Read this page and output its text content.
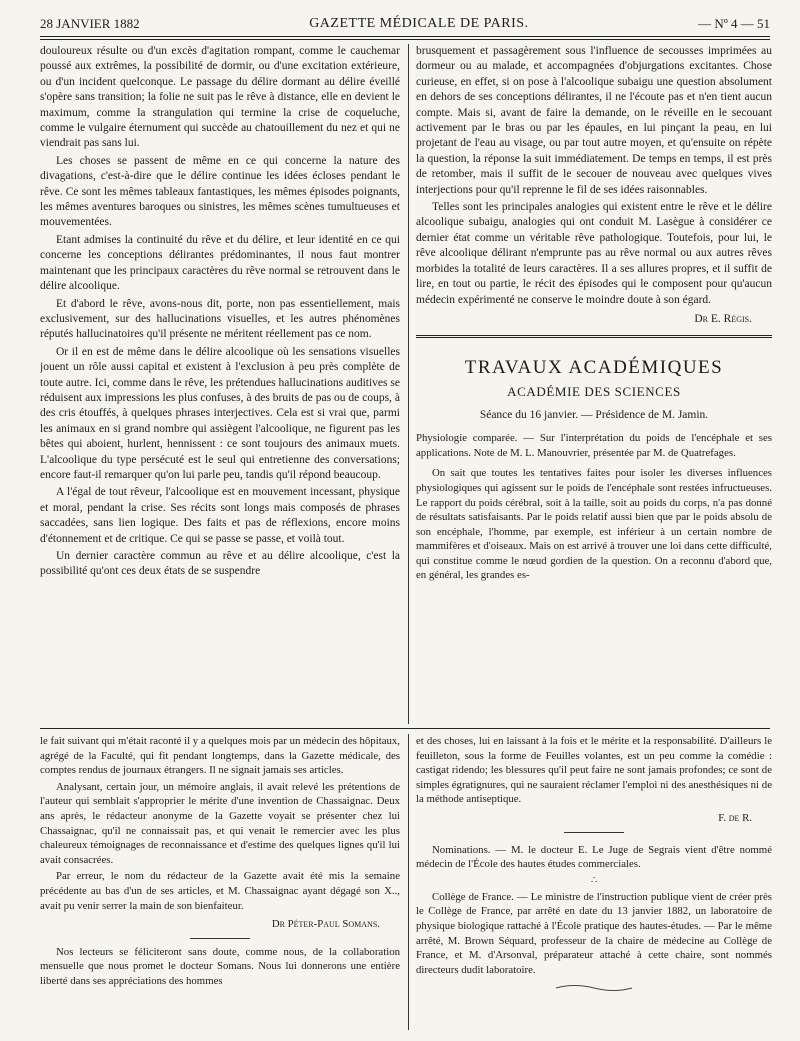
28 JANVIER 1882	GAZETTE MÉDICALE DE PARIS.	— Nº 4 — 51

douloureux résulte ou d'un excès d'agitation rompant, comme le cauchemar poussé aux extrêmes, la possibilité de dormir, ou d'une excitation extérieure, ou d'un incident quelconque. Le passage du délire dormant au délire éveillé s'opère sans transition; la folie ne suit pas le rêve à distance, elle en devient le maximum, comme la strangulation qui termine la crise de coqueluche, comme le vulgaire éternument qui succède au chatouillement du nez et qui ne viendrait pas sans lui.

Les choses se passent de même en ce qui concerne la nature des divagations, c'est-à-dire que le délire continue les idées écloses pendant le rêve. Ce sont les mêmes tableaux fantastiques, les mêmes épisodes poignants, les mêmes aventures baroques ou sinistres, les mêmes scènes tumultueuses et mouvementées.

Etant admises la continuité du rêve et du délire, et leur identité en ce qui concerne les conceptions délirantes prédominantes, il nous faut montrer maintenant que les principaux caractères du rêve normal se retrouvent dans le délire alcoolique.

Et d'abord le rêve, avons-nous dit, porte, non pas essentiellement, mais exclusivement, sur des hallucinations visuelles, et les autres phénomènes réputés hallucinatoires qu'il présente ne méritent réellement pas ce nom.

Or il en est de même dans le délire alcoolique où les sensations visuelles jouent un rôle aussi capital et existent à l'exclusion à peu près complète de toute autre. Ici, comme dans le rêve, les prétendues hallucinations auditives se réduisent aux impressions les plus confuses, à des bruits de pas ou de coups, à des cris étouffés, à quelques phrases interjectives. Cela est si vrai que, parmi les animaux en si grand nombre qui assiègent l'alcoolique, ne figurent pas les bêtes qui aboient, hurlent, hennissent : ce sont toujours des animaux muets. L'alcoolique du type persécuté est le seul qui entretienne des conversations; encore faut-il remarquer qu'on lui parle peu, tandis qu'il répond beaucoup.

A l'égal de tout rêveur, l'alcoolique est en mouvement incessant, physique et moral, pendant la crise. Ses récits sont longs mais composés de phrases saccadées, sans lien logique. Des faits et pas de réflexions, encore moins d'étonnement et de critique. Ce qui se passe se passe, et voilà tout.

Un dernier caractère commun au rêve et au délire alcoolique, c'est la possibilité qu'ont ces deux états de se suspendre

brusquement et passagèrement sous l'influence de secousses imprimées au dormeur ou au malade, et accompagnées d'objurgations excitantes. Chose curieuse, en effet, si on pose à l'alcoolique subaigu une question absolument en dehors de ses conceptions délirantes, il ne l'écoute pas et n'en tient aucun compte. Mais si, avant de faire la demande, on le réveille en le secouant activement par le bras ou par les épaules, en lui pinçant la peau, en lui projetant de l'eau au visage, ou par tout autre moyen, et qu'ensuite on répète la question, la réponse la suit immédiatement. De temps en temps, il est près de retomber, mais il suffit de le secouer de nouveau avec quelques vives interjections pour qu'il reprenne le fil de ses idées raisonnables.

Telles sont les principales analogies qui existent entre le rêve et le délire alcoolique subaigu, analogies qui ont conduit M. Lasègue à considérer ce dernier état comme un véritable rêve pathologique. Toutefois, pour lui, le rêve alcoolique délirant n'emprunte pas au rêve normal ou aux autres rêves morbides la totalité de leurs caractères. Il a ses allures propres, et il suffit de lire, en tout ou partie, le récit des épisodes qui le composent pour qu'aucun médecin expérimenté ne conserve le moindre doute à son égard.

Dr E. Régis.
TRAVAUX ACADÉMIQUES
ACADÉMIE DES SCIENCES
Séance du 16 janvier. — Présidence de M. Jamin.

Physiologie comparée. — Sur l'interprétation du poids de l'encéphale et ses applications. Note de M. L. Manouvrier, présentée par M. de Quatrefages.

On sait que toutes les tentatives faites pour isoler les diverses influences physiologiques qui agissent sur le poids de l'encéphale sont restées infructueuses. Le rapport du poids cérébral, soit à la taille, soit au poids du corps, n'a pas donné de résultats satisfaisants. Par le poids relatif aussi bien que par le poids absolu de son encéphale, l'homme, par exemple, est inférieur à un certain nombre de mammifères et d'oiseaux. Mais on est arrivé à trouver une loi dans cette difficulté, qui constitue comme le nœud gordien de la question. On a reconnu d'abord que, en général, les grandes es-

le fait suivant qui m'était raconté il y a quelques mois par un médecin des hôpitaux, agrégé de la Faculté, qui fit pendant longtemps, dans la Gazette médicale, des comptes rendus de journaux étrangers. Il ne signait jamais ses articles.

Analysant, certain jour, un mémoire anglais, il avait relevé les prétentions de l'auteur qui semblait s'approprier le mérite d'une invention de Chassaignac. Deux ans après, le rédacteur anonyme de la Gazette voyait se présenter chez lui Chassaignac, qu'il ne connaissait pas, et qui venait le remercier avec les plus chaleureux témoignages de reconnaissance et d'estime des quelques lignes qu'il lui avait consacrées.

Par erreur, le nom du rédacteur de la Gazette avait été mis la semaine précédente au bas d'un de ses articles, et M. Chassaignac ayant dégagé son X.., avait pu venir serrer la main de son bienfaiteur.

Dr Péter-Paul Somans.

Nos lecteurs se féliciteront sans doute, comme nous, de la collaboration mensuelle que nous promet le docteur Somans. Nous lui donnerons une entière liberté dans ses appréciations des hommes

et des choses, lui en laissant à la fois et le mérite et la responsabilité. D'ailleurs le feuilleton, sous la forme de Feuilles volantes, est un peu comme la comédie : castigat ridendo; les blessures qu'il peut faire ne sont jamais profondes; ce sont de simples égratignures, qui ne sauraient réclamer l'emploi ni des anesthésiques ni de la méthode antiseptique.

F. de R.

Nominations. — M. le docteur E. Le Juge de Segrais vient d'être nommé médecin de l'École des hautes études commerciales.

∴

Collège de France. — Le ministre de l'instruction publique vient de créer près le Collège de France, par arrêté en date du 13 janvier 1882, un laboratoire de physique biologique rattaché à l'École pratique des hautes-études. — Par le même arrêté, M. Brown Séquard, professeur de la chaire de médecine au Collège de France, et M. d'Arsonval, préparateur attaché à cette chaire, sont nommés directeurs dudit laboratoire.
